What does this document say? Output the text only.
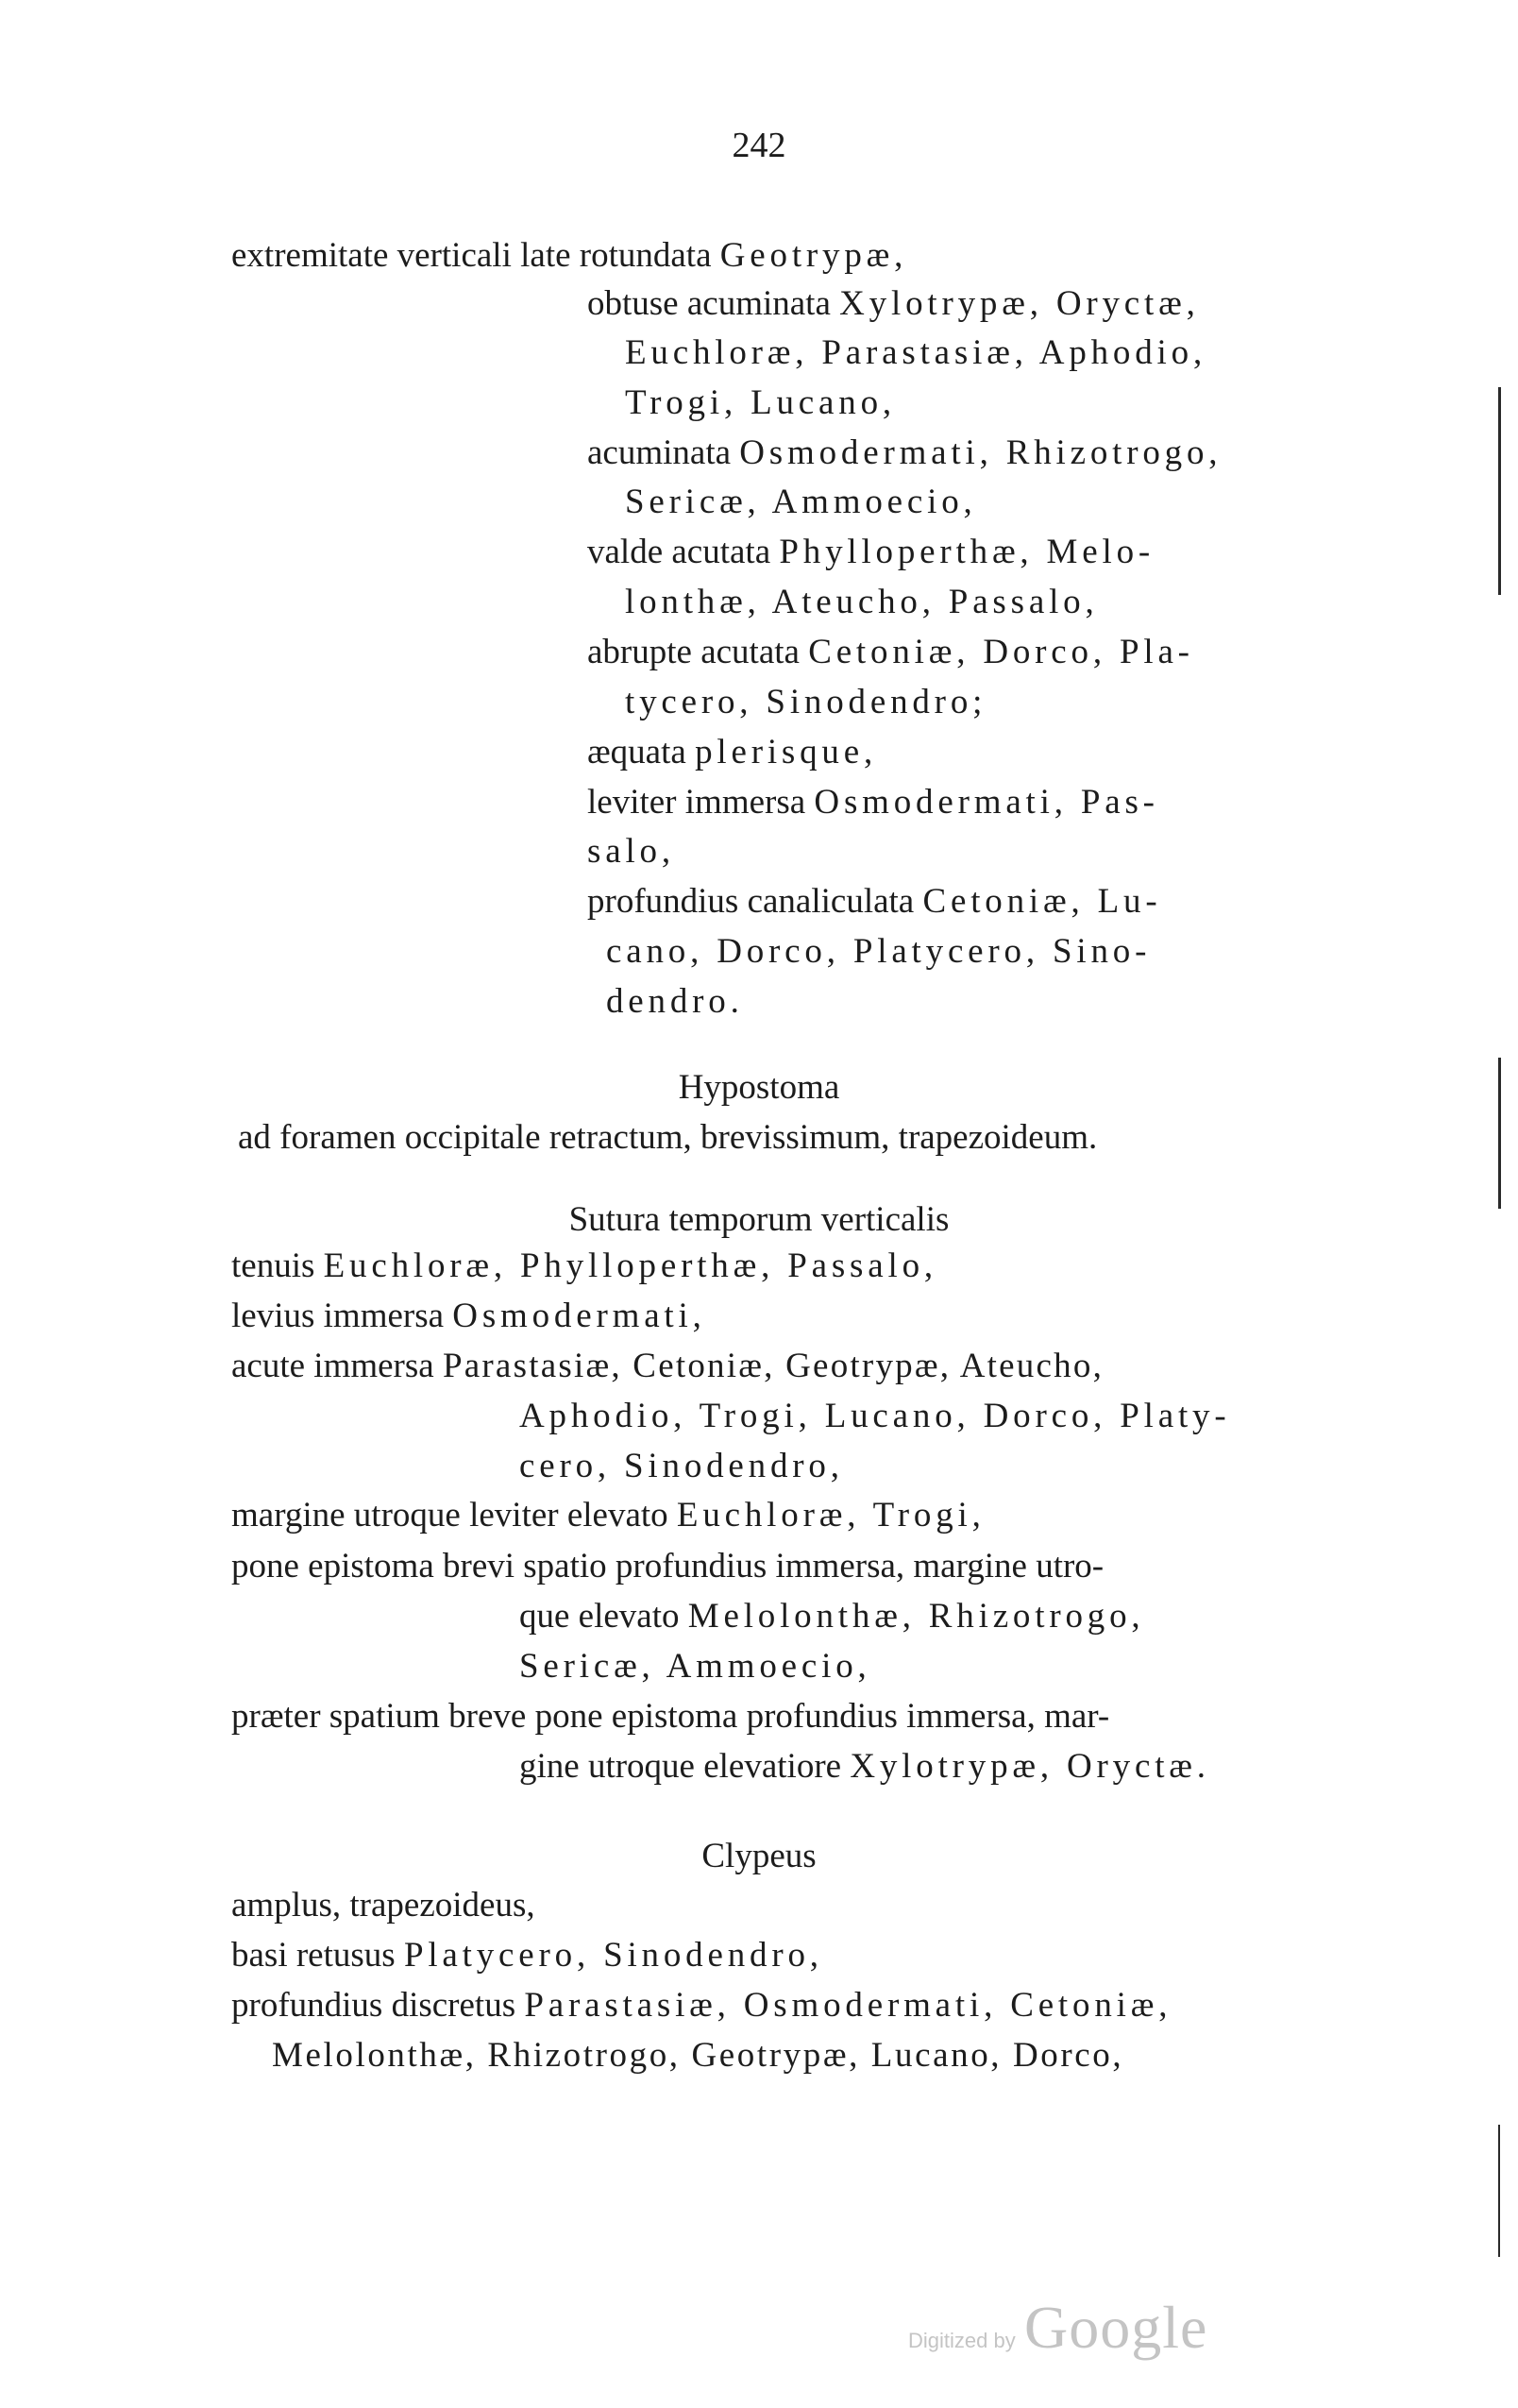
242
extremitate verticali late rotundata Geotrypæ,
obtuse acuminata Xylotrypæ, Oryctæ,
Euchloræ, Parastasiæ, Aphodio,
Trogi, Lucano,
acuminata Osmodermati, Rhizotrogo,
Sericæ, Ammoecio,
valde acutata Phylloperthæ, Melo-
lonthæ, Ateucho, Passalo,
abrupte acutata Cetoniæ, Dorco, Pla-
tycero, Sinodendro;
æquata plerisque,
leviter immersa Osmodermati, Pas-
salo,
profundius canaliculata Cetoniæ, Lu-
cano, Dorco, Platycero, Sino-
dendro.
Hypostoma
ad foramen occipitale retractum, brevissimum, trapezoideum.
Sutura temporum verticalis
tenuis Euchloræ, Phylloperthæ, Passalo,
levius immersa Osmodermati,
acute immersa Parastasiæ, Cetoniæ, Geotrypæ, Ateucho,
Aphodio, Trogi, Lucano, Dorco, Platy-
cero, Sinodendro,
margine utroque leviter elevato Euchloræ, Trogi,
pone epistoma brevi spatio profundius immersa, margine utro-
que elevato Melolonthæ, Rhizotrogo,
Sericæ, Ammoecio,
præter spatium breve pone epistoma profundius immersa, mar-
gine utroque elevatiore Xylotrypæ, Oryctæ.
Clypeus
amplus, trapezoideus,
basi retusus Platycero, Sinodendro,
profundius discretus Parastasiæ, Osmodermati, Cetoniæ,
Melolonthæ, Rhizotrogo, Geotrypæ, Lucano, Dorco,
Digitized by Google
